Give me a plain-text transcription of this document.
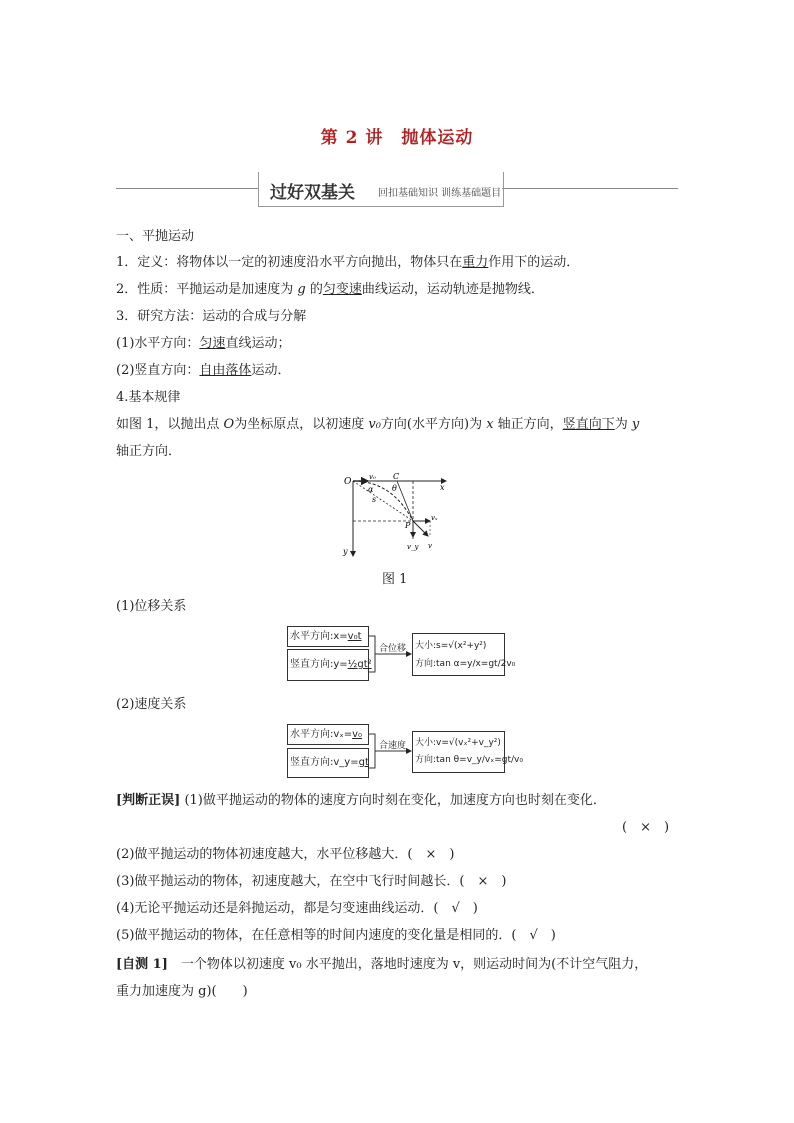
第 2 讲　抛体运动
过好双基关 回扣基础知识 训练基础题目
一、平抛运动
1．定义：将物体以一定的初速度沿水平方向抛出，物体只在重力作用下的运动．
2．性质：平抛运动是加速度为 g 的匀变速曲线运动，运动轨迹是抛物线．
3．研究方法：运动的合成与分解
(1)水平方向：匀速直线运动；
(2)竖直方向：自由落体运动．
4.基本规律
如图 1，以抛出点 O为坐标原点，以初速度 v₀方向(水平方向)为 x 轴正方向，竖直向下为 y
轴正方向．
O	v₀ C
x
θ
α
s
P
vₓ
v_y v
y
图 1
(1)位移关系
水平方向:x=v₀t
竖直方向:y=½gt²
合位移 大小:s=√(x²+y²)
方向:tan α=y/x=gt/2v₀
(2)速度关系
水平方向:vₓ=v₀
竖直方向:v_y=gt
合速度 大小:v=√(vₓ²+v_y²)
方向:tan θ=v_y/vₓ=gt/v₀
[判断正误] (1)做平抛运动的物体的速度方向时刻在变化，加速度方向也时刻在变化．
(　×　)
(2)做平抛运动的物体初速度越大，水平位移越大．(　×　)
(3)做平抛运动的物体，初速度越大，在空中飞行时间越长．(　×　)
(4)无论平抛运动还是斜抛运动，都是匀变速曲线运动．(　√　)
(5)做平抛运动的物体，在任意相等的时间内速度的变化量是相同的．(　√　)
[自测 1]　一个物体以初速度 v₀ 水平抛出，落地时速度为 v，则运动时间为(不计空气阻力，
重力加速度为 g)(　　)
